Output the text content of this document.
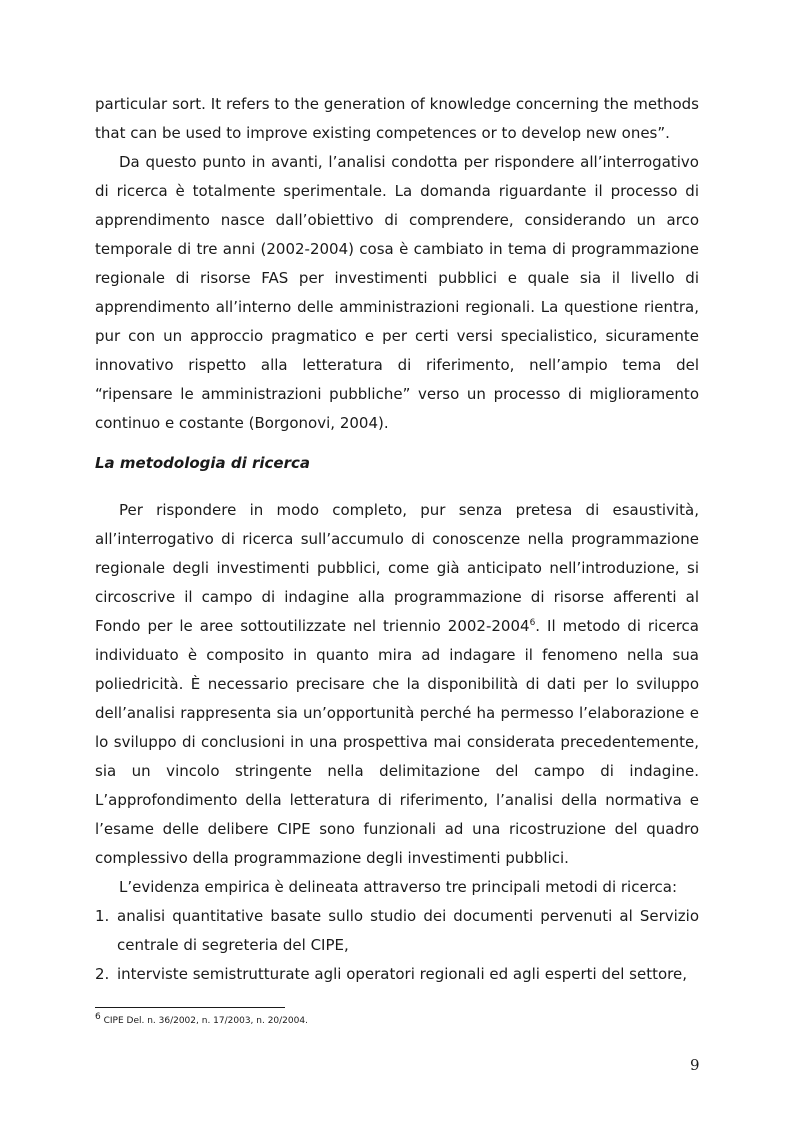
particular sort. It refers to the generation of knowledge concerning the methods that can be used to improve existing competences or to develop new ones”.

Da questo punto in avanti, l’analisi condotta per rispondere all’interrogativo di ricerca è totalmente sperimentale. La domanda riguardante il processo di apprendimento nasce dall’obiettivo di comprendere, considerando un arco temporale di tre anni (2002-2004) cosa è cambiato in tema di programmazione regionale di risorse FAS per investimenti pubblici e quale sia il livello di apprendimento all’interno delle amministrazioni regionali. La questione rientra, pur con un approccio pragmatico e per certi versi specialistico, sicuramente innovativo rispetto alla letteratura di riferimento, nell’ampio tema del “ripensare le amministrazioni pubbliche” verso un processo di miglioramento continuo e costante (Borgonovi, 2004).

La metodologia di ricerca

Per rispondere in modo completo, pur senza pretesa di esaustività, all’interrogativo di ricerca sull’accumulo di conoscenze nella programmazione regionale degli investimenti pubblici, come già anticipato nell’introduzione, si circoscrive il campo di indagine alla programmazione di risorse afferenti al Fondo per le aree sottoutilizzate nel triennio 2002-2004$^6$. Il metodo di ricerca individuato è composito in quanto mira ad indagare il fenomeno nella sua poliedricità. È necessario precisare che la disponibilità di dati per lo sviluppo dell’analisi rappresenta sia un’opportunità perché ha permesso l’elaborazione e lo sviluppo di conclusioni in una prospettiva mai considerata precedentemente, sia un vincolo stringente nella delimitazione del campo di indagine. L’approfondimento della letteratura di riferimento, l’analisi della normativa e l’esame delle delibere CIPE sono funzionali ad una ricostruzione del quadro complessivo della programmazione degli investimenti pubblici.

L’evidenza empirica è delineata attraverso tre principali metodi di ricerca:

1. analisi quantitative basate sullo studio dei documenti pervenuti al Servizio centrale di segreteria del CIPE,
2. interviste semistrutturate agli operatori regionali ed agli esperti del settore,

$^6$ CIPE Del. n. 36/2002, n. 17/2003, n. 20/2004.

9
